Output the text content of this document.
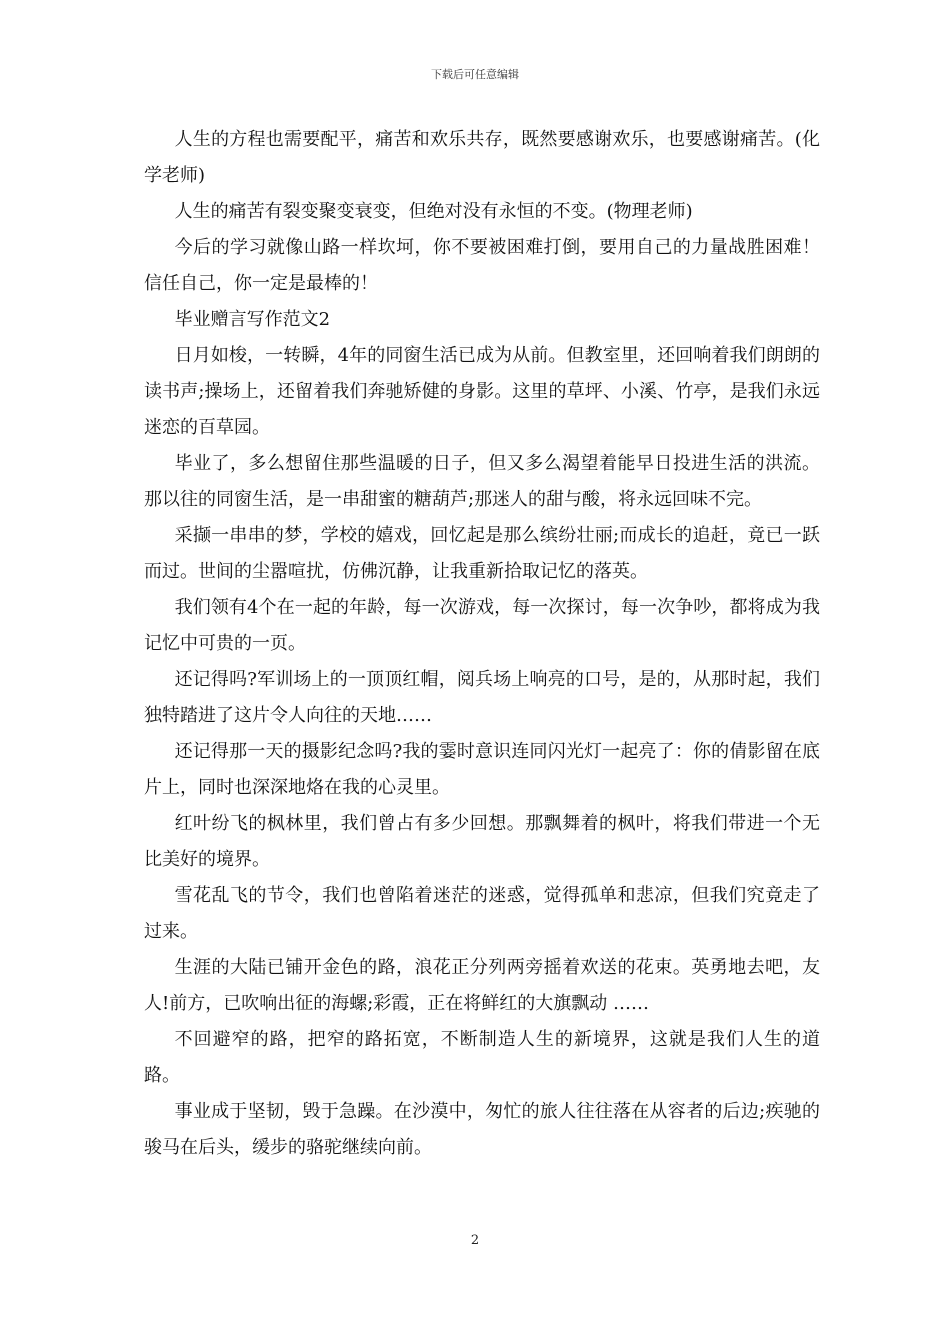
下载后可任意编辑

人生的方程也需要配平，痛苦和欢乐共存，既然要感谢欢乐，也要感谢痛苦。(化学老师)

人生的痛苦有裂变聚变衰变，但绝对没有永恒的不变。(物理老师)

今后的学习就像山路一样坎坷，你不要被困难打倒，要用自己的力量战胜困难！信任自己，你一定是最棒的！

毕业赠言写作范文2

日月如梭，一转瞬，4年的同窗生活已成为从前。但教室里，还回响着我们朗朗的读书声;操场上，还留着我们奔驰矫健的身影。这里的草坪、小溪、竹亭，是我们永远迷恋的百草园。

毕业了，多么想留住那些温暖的日子，但又多么渴望着能早日投进生活的洪流。那以往的同窗生活，是一串甜蜜的糖葫芦;那迷人的甜与酸，将永远回味不完。

采撷一串串的梦，学校的嬉戏，回忆起是那么缤纷壮丽;而成长的追赶，竟已一跃而过。世间的尘嚣喧扰，仿佛沉静，让我重新拾取记忆的落英。

我们领有4个在一起的年龄，每一次游戏，每一次探讨，每一次争吵，都将成为我记忆中可贵的一页。

还记得吗?军训场上的一顶顶红帽，阅兵场上响亮的口号，是的，从那时起，我们独特踏进了这片令人向往的天地……

还记得那一天的摄影纪念吗?我的霎时意识连同闪光灯一起亮了：你的倩影留在底片上，同时也深深地烙在我的心灵里。

红叶纷飞的枫林里，我们曾占有多少回想。那飘舞着的枫叶，将我们带进一个无比美好的境界。

雪花乱飞的节令，我们也曾陷着迷茫的迷惑，觉得孤单和悲凉，但我们究竟走了过来。

生涯的大陆已铺开金色的路，浪花正分列两旁摇着欢送的花束。英勇地去吧，友人!前方，已吹响出征的海螺;彩霞，正在将鲜红的大旗飘动 ……

不回避窄的路，把窄的路拓宽，不断制造人生的新境界，这就是我们人生的道路。

事业成于坚韧，毁于急躁。在沙漠中，匆忙的旅人往往落在从容者的后边;疾驰的骏马在后头，缓步的骆驼继续向前。

2
